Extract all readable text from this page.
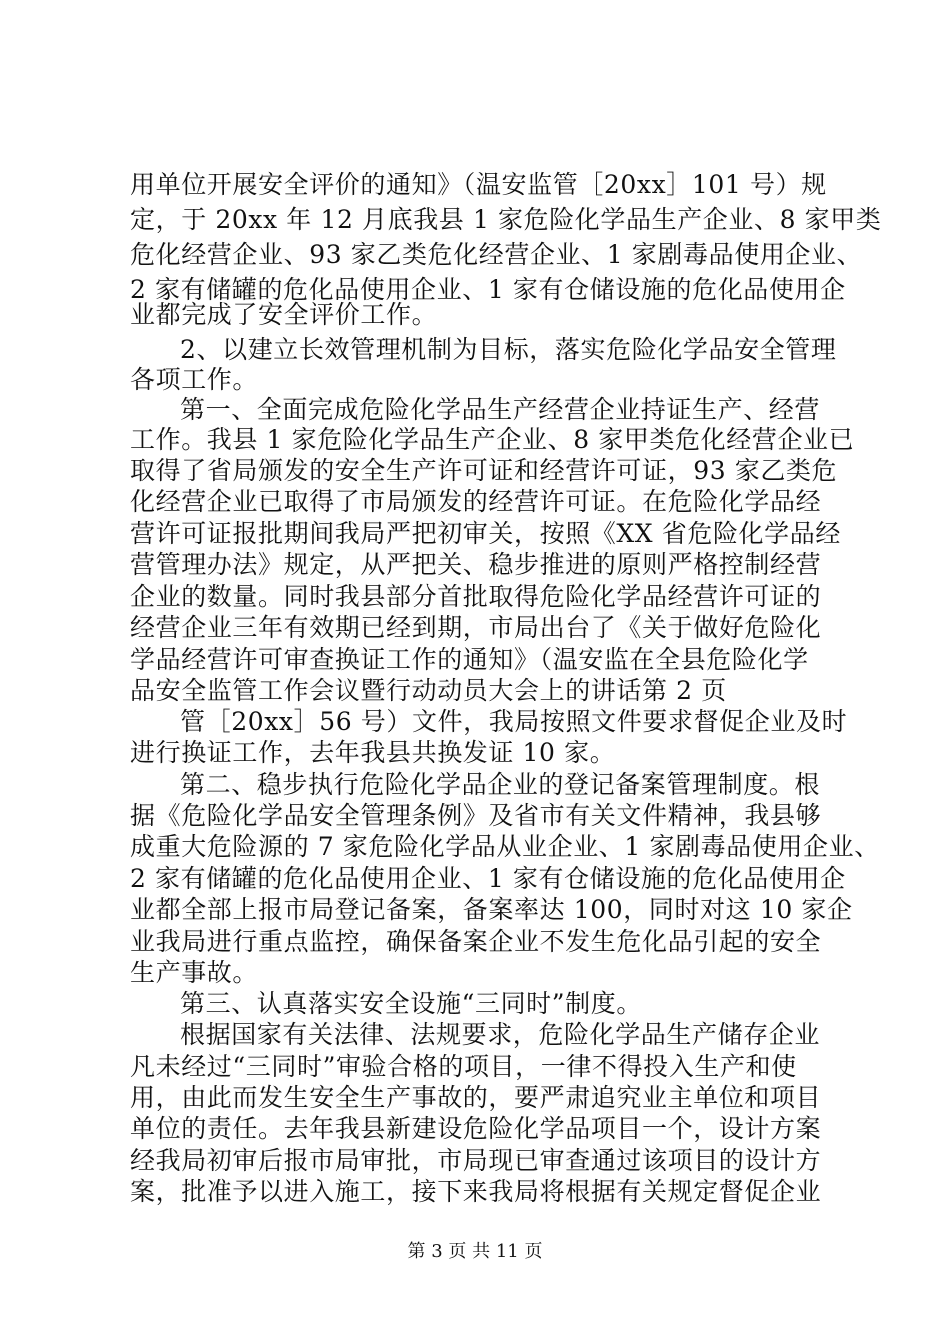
用单位开展安全评价的通知》（温安监管［20xx］101 号）规
定，于 20xx 年 12 月底我县 1 家危险化学品生产企业、8 家甲类
危化经营企业、93 家乙类危化经营企业、1 家剧毒品使用企业、
2 家有储罐的危化品使用企业、1 家有仓储设施的危化品使用企
业都完成了安全评价工作。
2、以建立长效管理机制为目标，落实危险化学品安全管理
各项工作。
第一、全面完成危险化学品生产经营企业持证生产、经营
工作。我县 1 家危险化学品生产企业、8 家甲类危化经营企业已
取得了省局颁发的安全生产许可证和经营许可证，93 家乙类危
化经营企业已取得了市局颁发的经营许可证。在危险化学品经
营许可证报批期间我局严把初审关，按照《XX 省危险化学品经
营管理办法》规定，从严把关、稳步推进的原则严格控制经营
企业的数量。同时我县部分首批取得危险化学品经营许可证的
经营企业三年有效期已经到期，市局出台了《关于做好危险化
学品经营许可审查换证工作的通知》（温安监在全县危险化学
品安全监管工作会议暨行动动员大会上的讲话第 2 页
管［20xx］56 号）文件，我局按照文件要求督促企业及时
进行换证工作，去年我县共换发证 10 家。
第二、稳步执行危险化学品企业的登记备案管理制度。根
据《危险化学品安全管理条例》及省市有关文件精神，我县够
成重大危险源的 7 家危险化学品从业企业、1 家剧毒品使用企业、
2 家有储罐的危化品使用企业、1 家有仓储设施的危化品使用企
业都全部上报市局登记备案，备案率达 100，同时对这 10 家企
业我局进行重点监控，确保备案企业不发生危化品引起的安全
生产事故。
第三、认真落实安全设施“三同时”制度。
根据国家有关法律、法规要求，危险化学品生产储存企业
凡未经过“三同时”审验合格的项目，一律不得投入生产和使
用，由此而发生安全生产事故的，要严肃追究业主单位和项目
单位的责任。去年我县新建设危险化学品项目一个，设计方案
经我局初审后报市局审批，市局现已审查通过该项目的设计方
案，批准予以进入施工，接下来我局将根据有关规定督促企业
第 3 页 共 11 页
